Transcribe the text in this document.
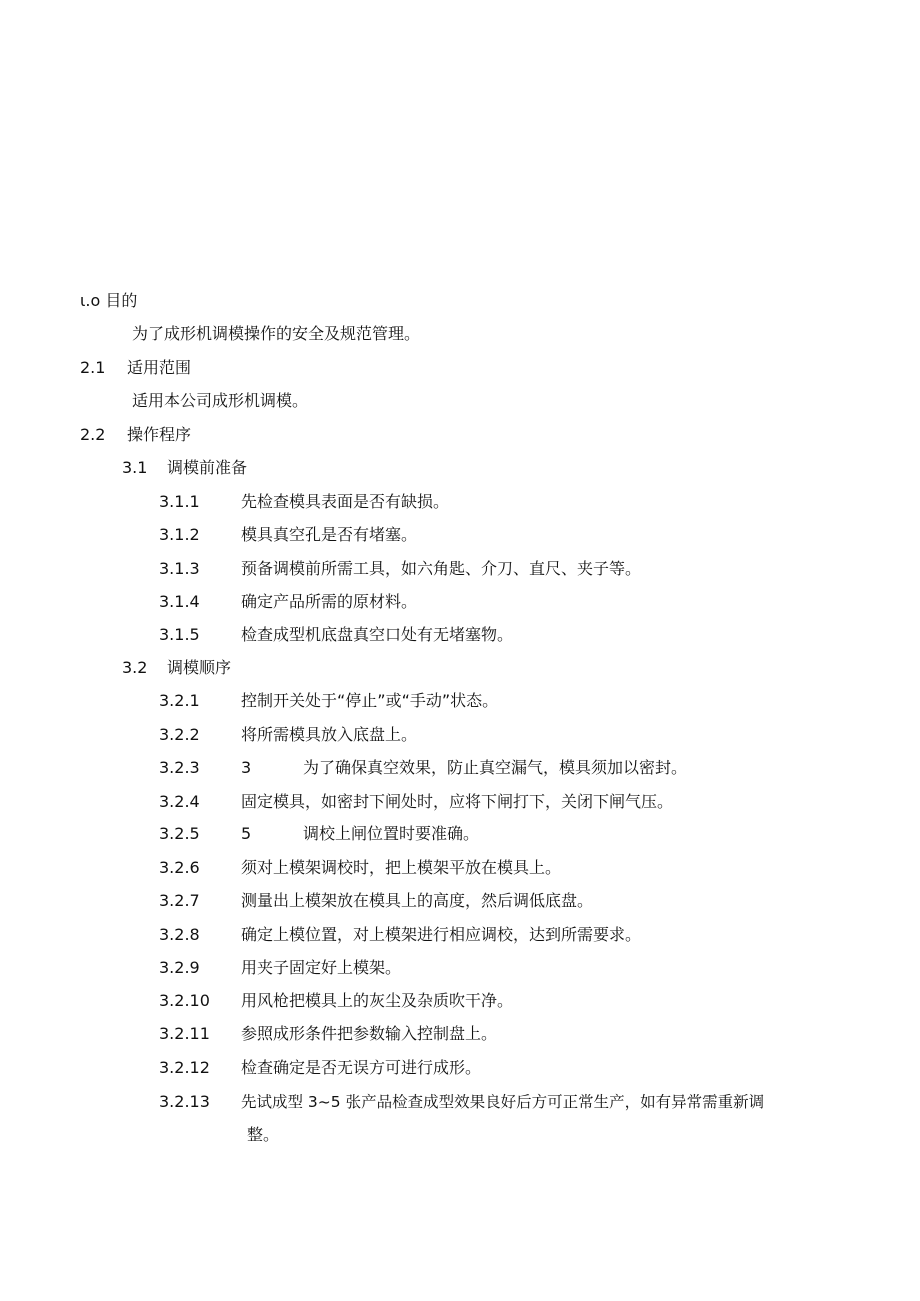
ι.o 目的
为了成形机调模操作的安全及规范管理。
2.1 适用范围
适用本公司成形机调模。
2.2 操作程序
3.1 调模前准备
3.1.1	先检查模具表面是否有缺损。
3.1.2	模具真空孔是否有堵塞。
3.1.3	预备调模前所需工具，如六角匙、介刀、直尺、夹子等。
3.1.4	确定产品所需的原材料。
3.1.5	检查成型机底盘真空口处有无堵塞物。
3.2 调模顺序
3.2.1	控制开关处于“停止”或“手动”状态。
3.2.2	将所需模具放入底盘上。
3.2.3	3	为了确保真空效果，防止真空漏气，模具须加以密封。
3.2.4	固定模具，如密封下闸处时，应将下闸打下，关闭下闸气压。
3.2.5	5	调校上闸位置时要准确。
3.2.6	须对上模架调校时，把上模架平放在模具上。
3.2.7	测量出上模架放在模具上的高度，然后调低底盘。
3.2.8	确定上模位置，对上模架进行相应调校，达到所需要求。
3.2.9	用夹子固定好上模架。
3.2.10 用风枪把模具上的灰尘及杂质吹干净。
3.2.11 参照成形条件把参数输入控制盘上。
3.2.12 检查确定是否无误方可进行成形。
3.2.13 先试成型 3~5 张产品检查成型效果良好后方可正常生产，如有异常需重新调
整。
